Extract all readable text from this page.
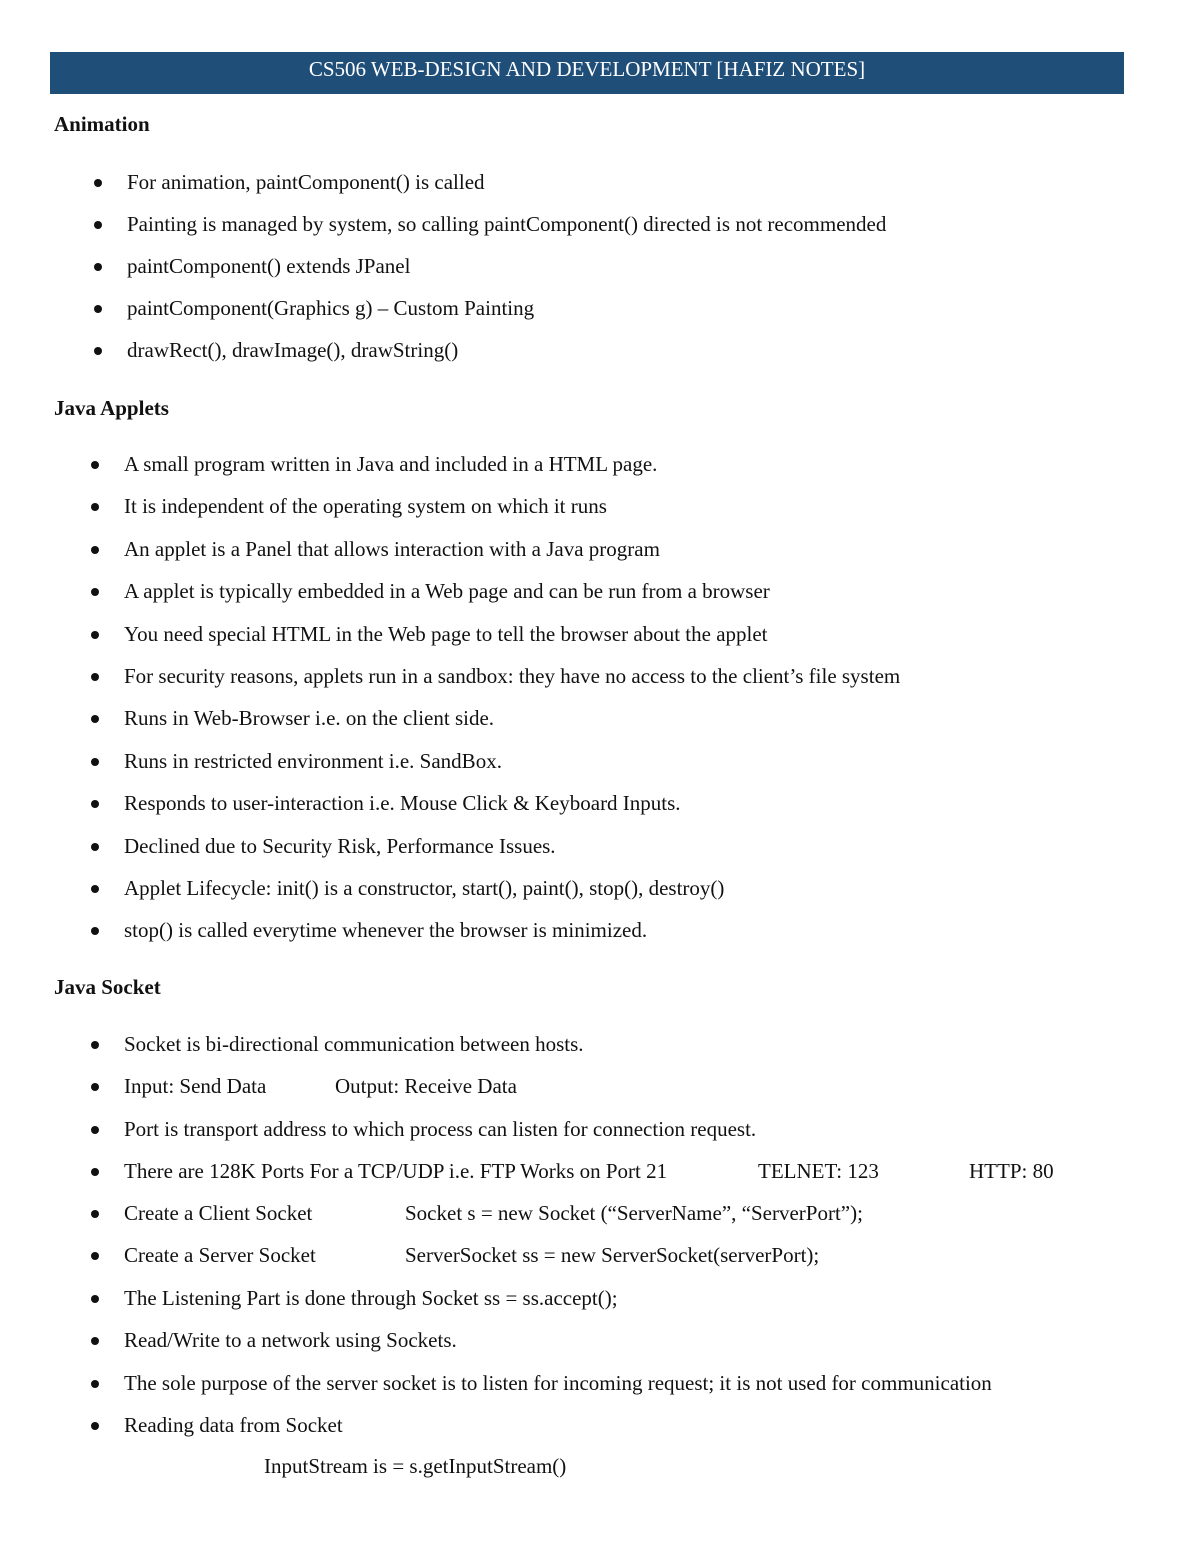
CS506 WEB-DESIGN AND DEVELOPMENT [HAFIZ NOTES]
Animation
For animation, paintComponent() is called
Painting is managed by system, so calling paintComponent() directed is not recommended
paintComponent() extends JPanel
paintComponent(Graphics g) – Custom Painting
drawRect(), drawImage(), drawString()
Java Applets
A small program written in Java and included in a HTML page.
It is independent of the operating system on which it runs
An applet is a Panel that allows interaction with a Java program
A applet is typically embedded in a Web page and can be run from a browser
You need special HTML in the Web page to tell the browser about the applet
For security reasons, applets run in a sandbox: they have no access to the client’s file system
Runs in Web-Browser i.e. on the client side.
Runs in restricted environment i.e. SandBox.
Responds to user-interaction i.e. Mouse Click & Keyboard Inputs.
Declined due to Security Risk, Performance Issues.
Applet Lifecycle: init() is a constructor, start(), paint(), stop(), destroy()
stop() is called everytime whenever the browser is minimized.
Java Socket
Socket is bi-directional communication between hosts.
Input: Send Data	Output: Receive Data
Port is transport address to which process can listen for connection request.
There are 128K Ports For a TCP/UDP i.e. FTP Works on Port 21	TELNET: 123	HTTP: 80
Create a Client Socket	Socket s = new Socket (“ServerName”, “ServerPort”);
Create a Server Socket	ServerSocket ss = new ServerSocket(serverPort);
The Listening Part is done through Socket ss = ss.accept();
Read/Write to a network using Sockets.
The sole purpose of the server socket is to listen for incoming request; it is not used for communication
Reading data from Socket
InputStream is = s.getInputStream()
